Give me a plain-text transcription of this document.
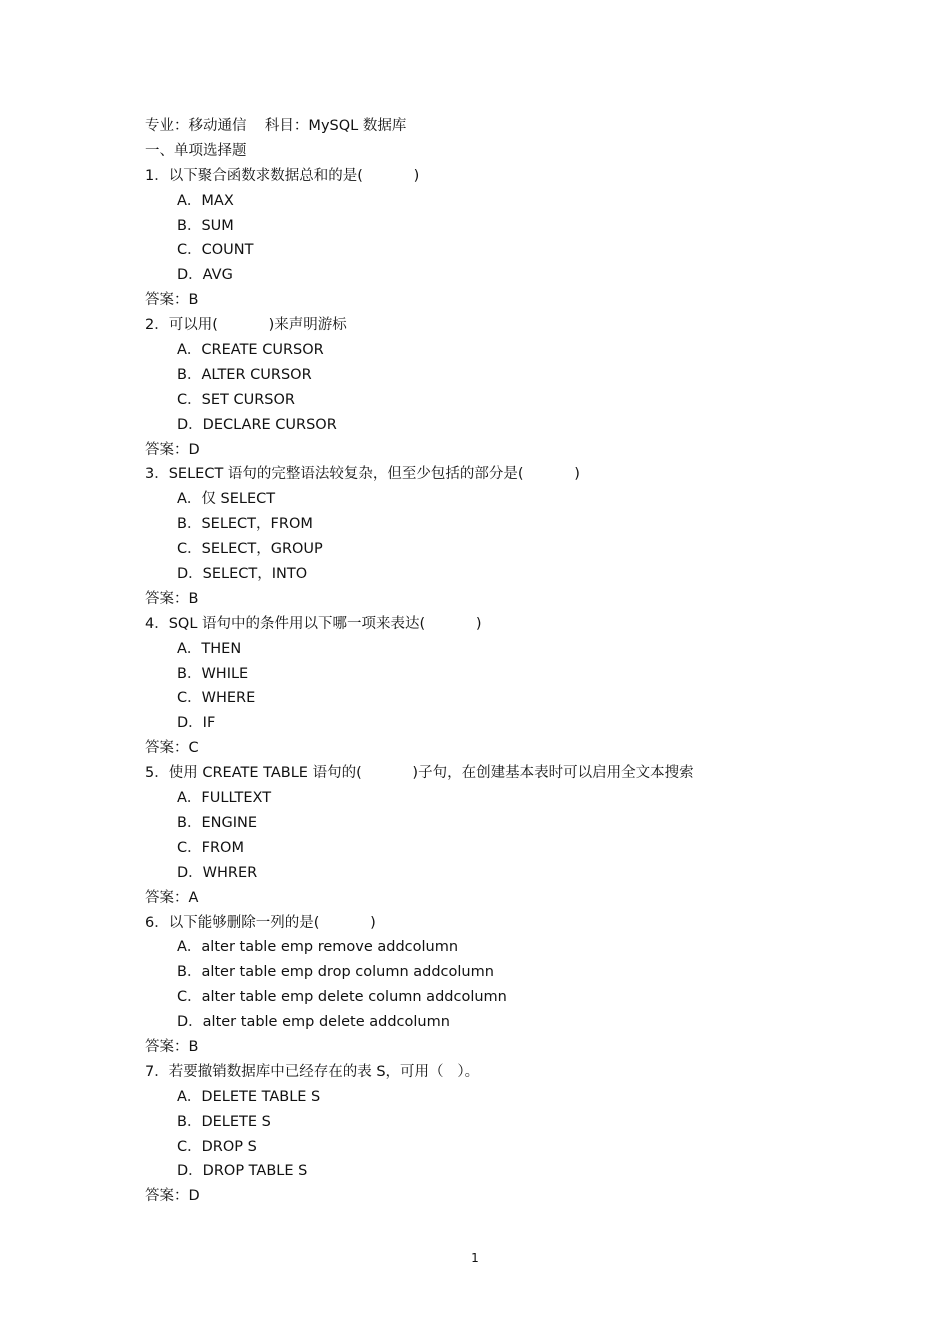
专业：移动通信    科目：MySQL 数据库
一、单项选择题
1．以下聚合函数求数据总和的是(           )
A．MAX
B．SUM
C．COUNT
D．AVG
答案：B
2．可以用(           )来声明游标
A．CREATE CURSOR
B．ALTER CURSOR
C．SET CURSOR
D．DECLARE CURSOR
答案：D
3．SELECT 语句的完整语法较复杂，但至少包括的部分是(           )
A．仅 SELECT
B．SELECT，FROM
C．SELECT，GROUP
D．SELECT，INTO
答案：B
4．SQL 语句中的条件用以下哪一项来表达(           )
A．THEN
B．WHILE
C．WHERE
D．IF
答案：C
5．使用 CREATE TABLE 语句的(           )子句，在创建基本表时可以启用全文本搜索
A．FULLTEXT
B．ENGINE
C．FROM
D．WHRER
答案：A
6．以下能够删除一列的是(           )
A．alter table emp remove addcolumn
B．alter table emp drop column addcolumn
C．alter table emp delete column addcolumn
D．alter table emp delete addcolumn
答案：B
7．若要撤销数据库中已经存在的表 S，可用（   ）。
A．DELETE TABLE S
B．DELETE S
C．DROP S
D．DROP TABLE S
答案：D
1
